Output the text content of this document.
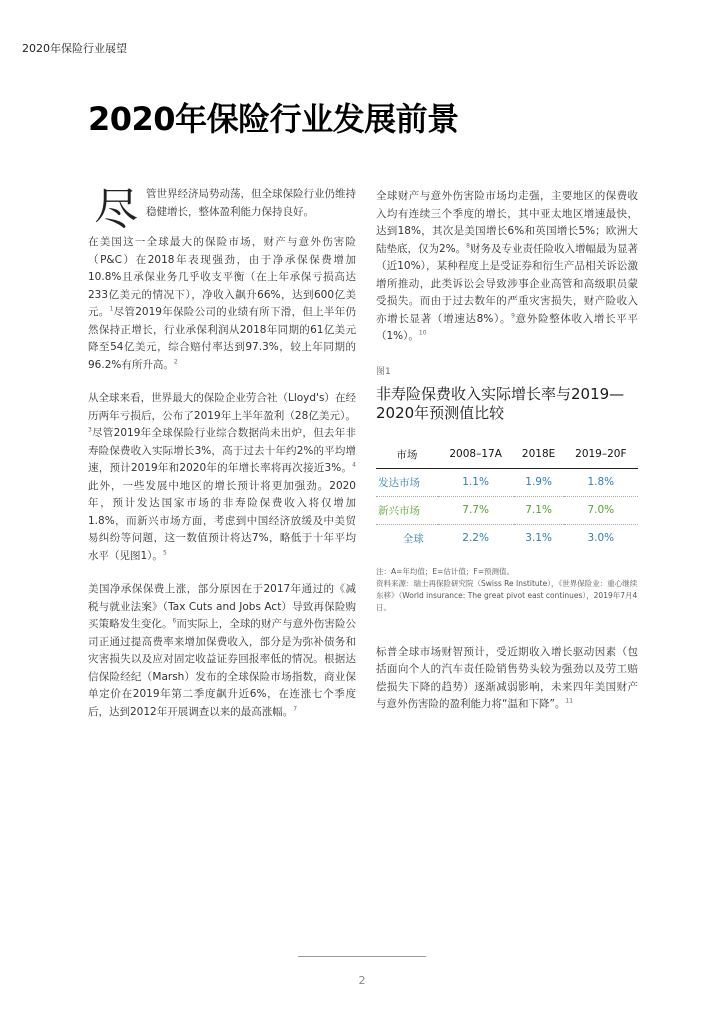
2020年保险行业展望
2020年保险行业发展前景
尽 管世界经济局势动荡，但全球保险行业仍维持稳健增长，整体盈利能力保持良好。

在美国这一全球最大的保险市场，财产与意外伤害险（P&C）在2018年表现强劲，由于净承保保费增加10.8%且承保业务几乎收支平衡（在上年承保亏损高达233亿美元的情况下），净收入飙升66%，达到600亿美元。$^1$尽管2019年保险公司的业绩有所下滑，但上半年仍然保持正增长，行业承保利润从2018年同期的61亿美元降至54亿美元，综合赔付率达到97.3%，较上年同期的96.2%有所升高。$^2$

从全球来看，世界最大的保险企业劳合社（Lloyd's）在经历两年亏损后，公布了2019年上半年盈利（28亿美元）。$^3$尽管2019年全球保险行业综合数据尚未出炉，但去年非寿险保费收入实际增长3%，高于过去十年约2%的平均增速，预计2019年和2020年的年增长率将再次接近3%。$^4$此外，一些发展中地区的增长预计将更加强劲。2020年，预计发达国家市场的非寿险保费收入将仅增加1.8%，而新兴市场方面，考虑到中国经济放缓及中美贸易纠纷等问题，这一数值预计将达7%，略低于十年平均水平（见图1）。$^5$

美国净承保保费上涨，部分原因在于2017年通过的《减税与就业法案》（Tax Cuts and Jobs Act）导致再保险购买策略发生变化。$^6$而实际上，全球的财产与意外伤害险公司正通过提高费率来增加保费收入，部分是为弥补债务和灾害损失以及应对固定收益证券回报率低的情况。根据达信保险经纪（Marsh）发布的全球保险市场指数，商业保单定价在2019年第二季度飙升近6%，在连涨七个季度后，达到2012年开展调查以来的最高涨幅。$^7$

全球财产与意外伤害险市场均走强，主要地区的保费收入均有连续三个季度的增长，其中亚太地区增速最快，达到18%，其次是美国增长6%和英国增长5%；欧洲大陆垫底，仅为2%。$^8$财务及专业责任险收入增幅最为显著（近10%），某种程度上是受证券和衍生产品相关诉讼激增所推动，此类诉讼会导致涉事企业高管和高级职员蒙受损失。而由于过去数年的严重灾害损失，财产险收入亦增长显著（增速达8%）。$^9$意外险整体收入增长平平（1%）。$^{10}$

图1
非寿险保费收入实际增长率与2019—2020年预测值比较
市场	2008–17A	2018E	2019–20F
发达市场	1.1%	1.9%	1.8%
新兴市场	7.7%	7.1%	7.0%
全球	2.2%	3.1%	3.0%
注：A=年均值；E=估计值；F=预测值。
资料来源：瑞士再保险研究院（Swiss Re Institute），《世界保险业：重心继续东移》（World insurance: The great pivot east continues），2019年7月4日。

标普全球市场财智预计，受近期收入增长驱动因素（包括面向个人的汽车责任险销售势头较为强劲以及劳工赔偿损失下降的趋势）逐渐减弱影响，未来四年美国财产与意外伤害险的盈利能力将“温和下降”。$^{11}$

2
